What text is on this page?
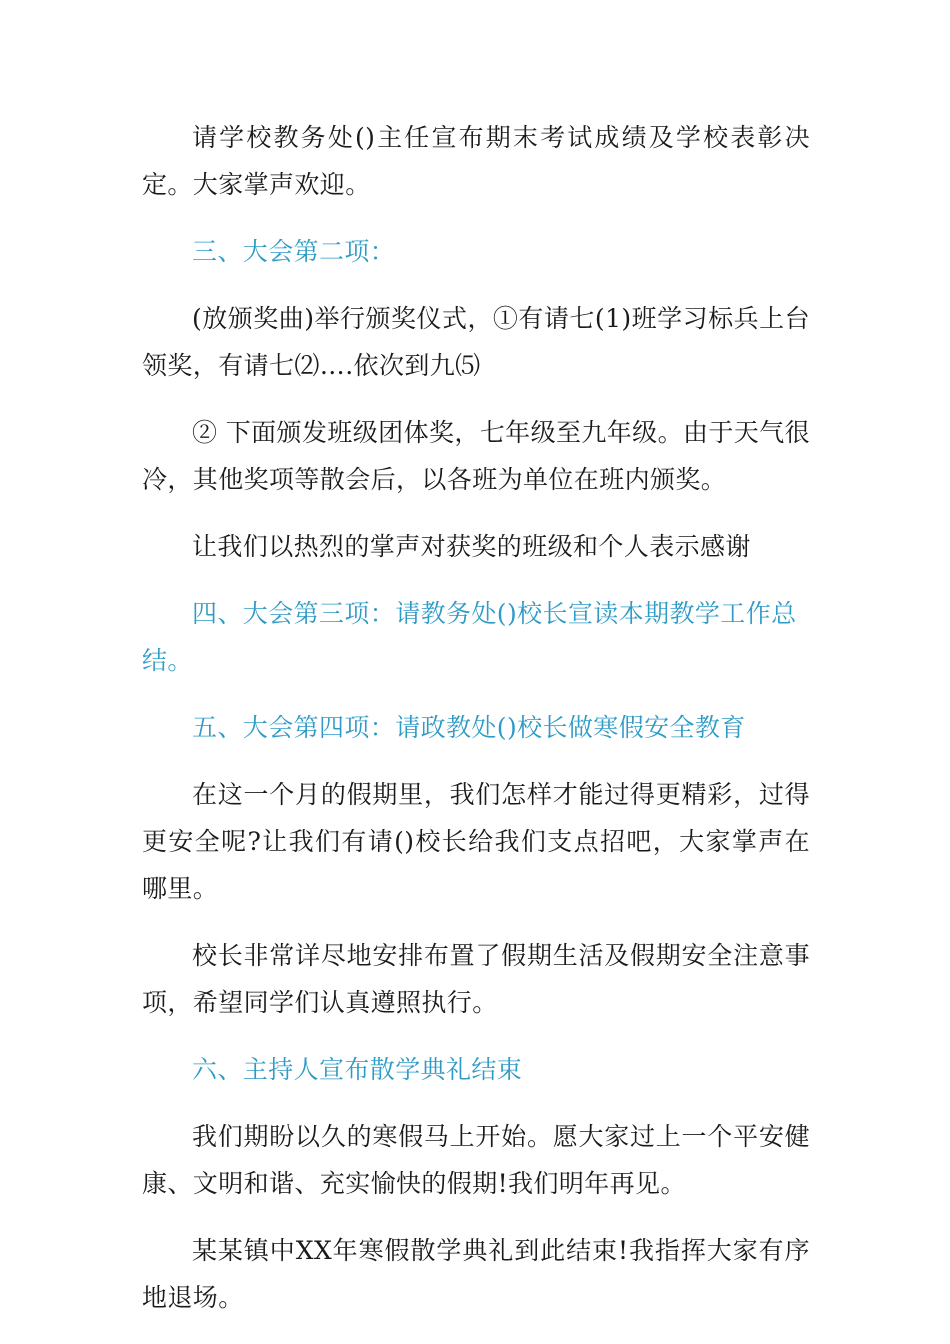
请学校教务处()主任宣布期末考试成绩及学校表彰决定。大家掌声欢迎。

三、大会第二项：

(放颁奖曲)举行颁奖仪式，①有请七(1)班学习标兵上台领奖，有请七⑵….依次到九⑸

② 下面颁发班级团体奖，七年级至九年级。由于天气很冷，其他奖项等散会后，以各班为单位在班内颁奖。

让我们以热烈的掌声对获奖的班级和个人表示感谢

四、大会第三项：请教务处()校长宣读本期教学工作总结。

五、大会第四项：请政教处()校长做寒假安全教育

在这一个月的假期里，我们怎样才能过得更精彩，过得更安全呢?让我们有请()校长给我们支点招吧，大家掌声在哪里。

校长非常详尽地安排布置了假期生活及假期安全注意事项，希望同学们认真遵照执行。

六、主持人宣布散学典礼结束

我们期盼以久的寒假马上开始。愿大家过上一个平安健康、文明和谐、充实愉快的假期!我们明年再见。

某某镇中XX年寒假散学典礼到此结束!我指挥大家有序地退场。
